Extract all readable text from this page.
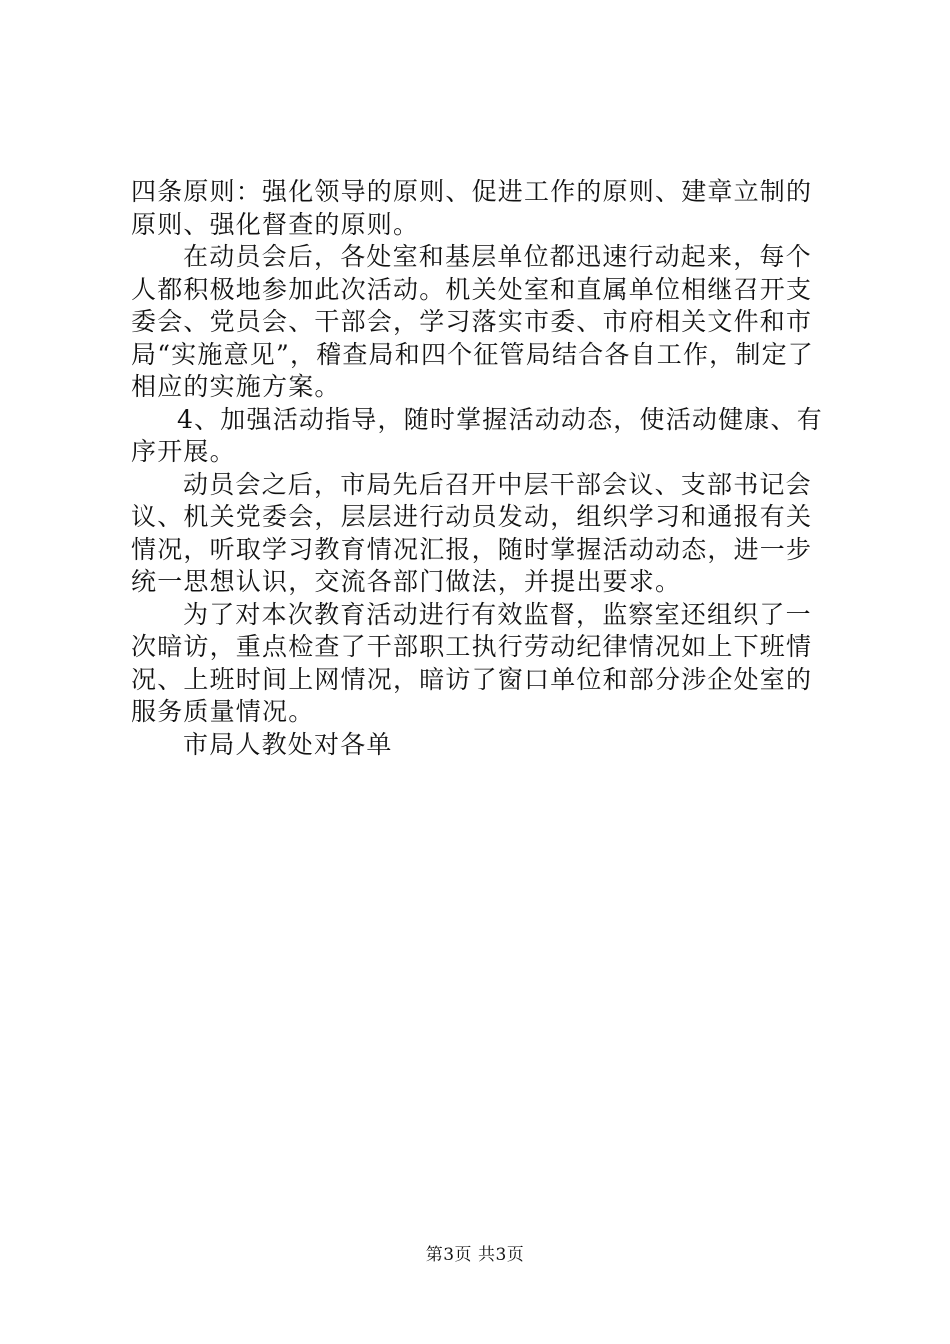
四条原则：强化领导的原则、促进工作的原则、建章立制的原则、强化督查的原则。

在动员会后，各处室和基层单位都迅速行动起来，每个人都积极地参加此次活动。机关处室和直属单位相继召开支委会、党员会、干部会，学习落实市委、市府相关文件和市局“实施意见”，稽查局和四个征管局结合各自工作，制定了相应的实施方案。

4、加强活动指导，随时掌握活动动态，使活动健康、有序开展。

动员会之后，市局先后召开中层干部会议、支部书记会议、机关党委会，层层进行动员发动，组织学习和通报有关情况，听取学习教育情况汇报，随时掌握活动动态，进一步统一思想认识，交流各部门做法，并提出要求。

为了对本次教育活动进行有效监督，监察室还组织了一次暗访，重点检查了干部职工执行劳动纪律情况如上下班情况、上班时间上网情况，暗访了窗口单位和部分涉企处室的服务质量情况。

市局人教处对各单

第3页 共3页
